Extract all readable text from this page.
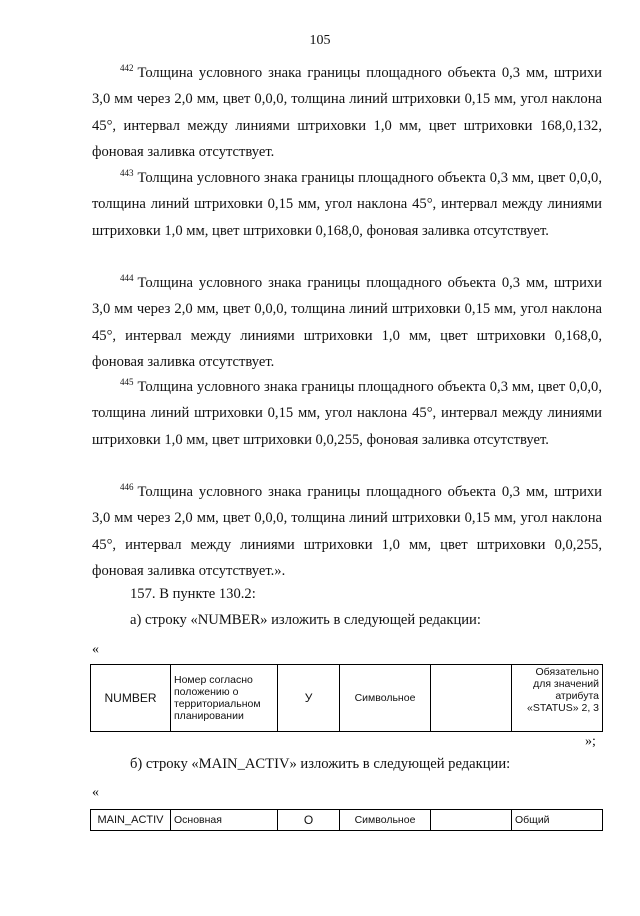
105

$^{442}$ Толщина условного знака границы площадного объекта 0,3 мм, штрихи 3,0 мм через 2,0 мм, цвет 0,0,0, толщина линий штриховки 0,15 мм, угол наклона 45°, интервал между линиями штриховки 1,0 мм, цвет штриховки 168,0,132, фоновая заливка отсутствует.

$^{443}$ Толщина условного знака границы площадного объекта 0,3 мм, цвет 0,0,0, толщина линий штриховки 0,15 мм, угол наклона 45°, интервал между линиями штриховки 1,0 мм, цвет штриховки 0,168,0, фоновая заливка отсутствует.

$^{444}$ Толщина условного знака границы площадного объекта 0,3 мм, штрихи 3,0 мм через 2,0 мм, цвет 0,0,0, толщина линий штриховки 0,15 мм, угол наклона 45°, интервал между линиями штриховки 1,0 мм, цвет штриховки 0,168,0, фоновая заливка отсутствует.

$^{445}$ Толщина условного знака границы площадного объекта 0,3 мм, цвет 0,0,0, толщина линий штриховки 0,15 мм, угол наклона 45°, интервал между линиями штриховки 1,0 мм, цвет штриховки 0,0,255, фоновая заливка отсутствует.

$^{446}$ Толщина условного знака границы площадного объекта 0,3 мм, штрихи 3,0 мм через 2,0 мм, цвет 0,0,0, толщина линий штриховки 0,15 мм, угол наклона 45°, интервал между линиями штриховки 1,0 мм, цвет штриховки 0,0,255, фоновая заливка отсутствует.».

157. В пункте 130.2:

а) строку «NUMBER» изложить в следующей редакции:

«
NUMBER	Номер согласно положению о территориальном планировании	У	Символьное		Обязательно для значений атрибута «STATUS» 2, 3
»;

б) строку «MAIN_ACTIV» изложить в следующей редакции:

«
MAIN_ACTIV	Основная	О	Символьное		Общий
